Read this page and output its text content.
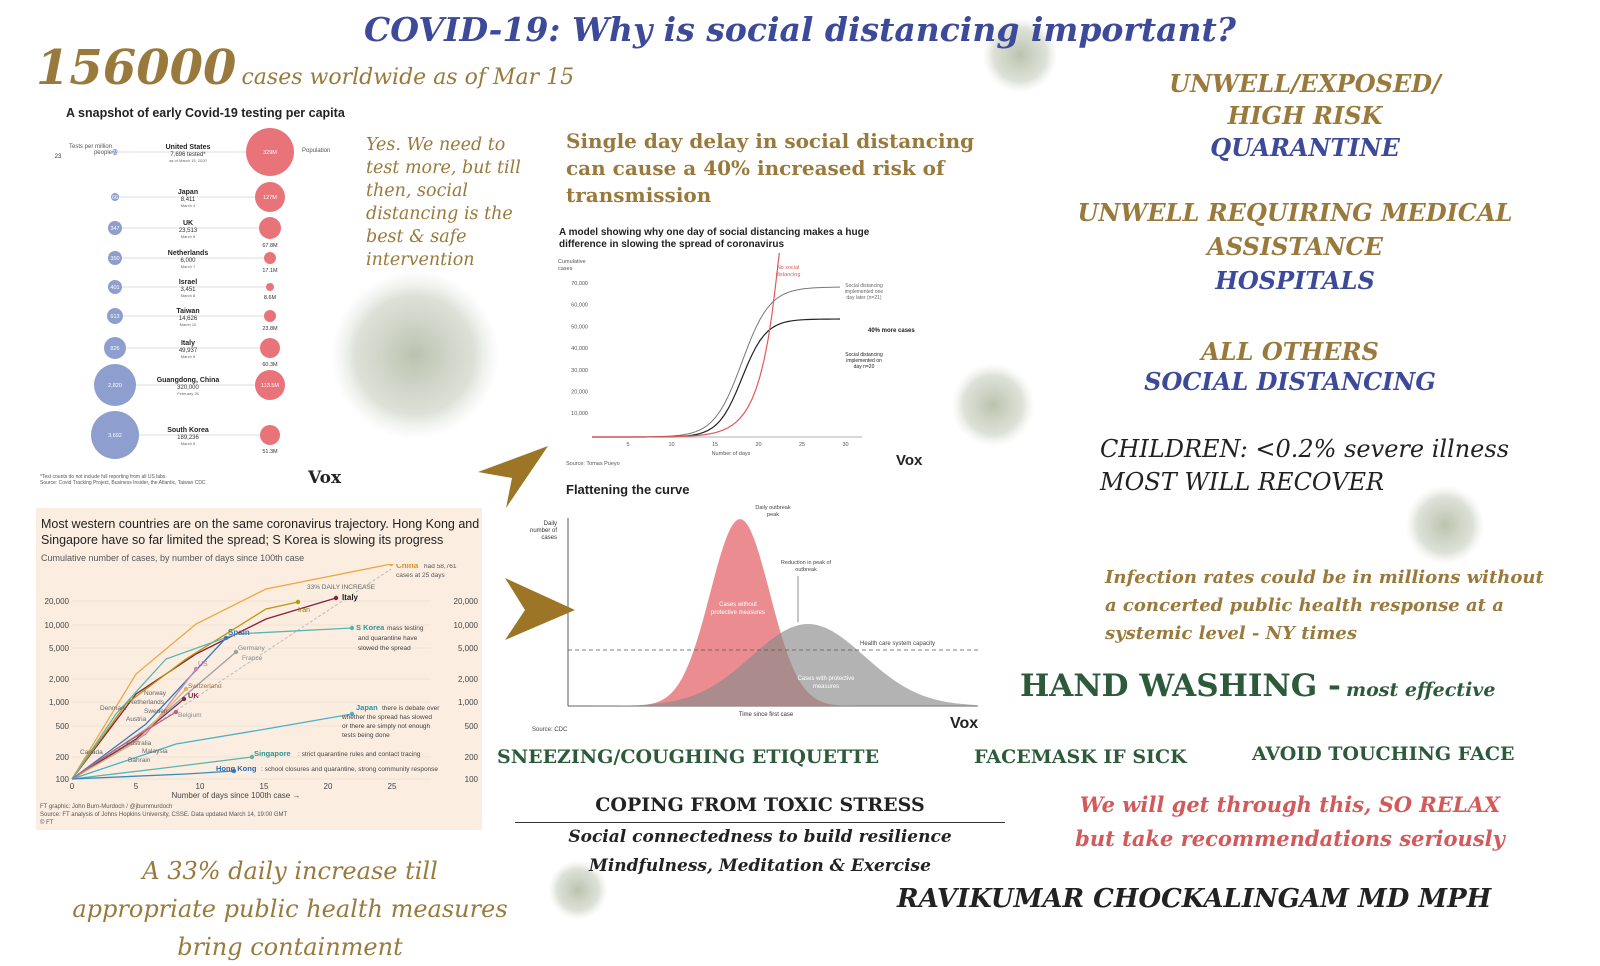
COVID-19: Why is social distancing important?
156000 cases worldwide as of Mar 15
A snapshot of early Covid-19 testing per capita
Tests per million people	Population
23
United States
7,696 tested*
as of March 15, 2020
329M
66
Japan
8,411
March 4
127M
347
UK
23,513
March 8
67.8M
350
Netherlands
6,000
March 7
17.1M
401
Israel
3,451
March 8	8.6M
613
Taiwan
14,626
March 10
23.8M
826
Italy
49,937
March 8
60.3M
2,820
Guangdong, China
320,000
February 26
113.5M
3,692
South Korea
189,236
March 8
51.3M
23
*Test counts do not include full reporting from all US labs
Source: Covid Tracking Project, Business Insider, the Atlantic, Taiwan CDC	Vox
Yes. We need to test more, but till then, social distancing is the best & safe intervention
Single day delay in social distancing can cause a 40% increased risk of transmission
A model showing why one day of social distancing makes a huge difference in slowing the spread of coronavirus
Cumulative
cases
70,000
60,000
50,000
40,000
30,000
20,000
10,000
5	10	15	20	25	30
Number of days
No social
distancing
Social distancing
implemented one
day later (n=21)
40% more cases
Social distancing
implemented on
day n=20
Source: Tomas Pueyo	Vox
Flattening the curve
Daily
number of
cases
Health care system capacity
Daily outbreak
peak
Reduction in peak of
outbreak
Cases without
protective measures
Cases with protective
measures
Time since first case
Source: CDC	Vox
Most western countries are on the same coronavirus trajectory. Hong Kong and Singapore have so far limited the spread; S Korea is slowing its progress
Cumulative number of cases, by number of days since 100th case
20,000	20,000
10,000	10,000
5,000	5,000
2,000	2,000
1,000	1,000
500	500
200	200
100	100
0	5	10	15	20	25
Number of days since 100th case →
33% DAILY INCREASE
China had 58,761
cases at 25 days
Italy
Iran
S Korea mass testing
and quarantine have
slowed the spread
Spain
Germany
France
US
Switzerland
Norway
Netherlands
UK
Denmark	Sweden
Austria
Belgium
Japan there is debate over
whether the spread has slowed
or there are simply not enough
tests being done
Singapore : strict quarantine rules and contact tracing
Hong Kong : school closures and quarantine, strong community response
Canada
Australia
Malaysia
Bahrain
FT graphic: John Burn-Murdoch / @jburnmurdoch
Source: FT analysis of Johns Hopkins University, CSSE. Data updated March 14, 19:00 GMT
© FT
A 33% daily increase till appropriate public health measures bring containment
UNWELL/EXPOSED/
HIGH RISK
QUARANTINE
UNWELL REQUIRING MEDICAL
ASSISTANCE
HOSPITALS
ALL OTHERS
SOCIAL DISTANCING
CHILDREN: <0.2% severe illness
MOST WILL RECOVER
Infection rates could be in millions without a concerted public health response at a systemic level - NY times
HAND WASHING - most effective
SNEEZING/COUGHING ETIQUETTE	FACEMASK IF SICK	AVOID TOUCHING FACE
COPING FROM TOXIC STRESS
Social connectedness to build resilience
Mindfulness, Meditation & Exercise
We will get through this, SO RELAX
but take recommendations seriously
RAVIKUMAR CHOCKALINGAM MD MPH
